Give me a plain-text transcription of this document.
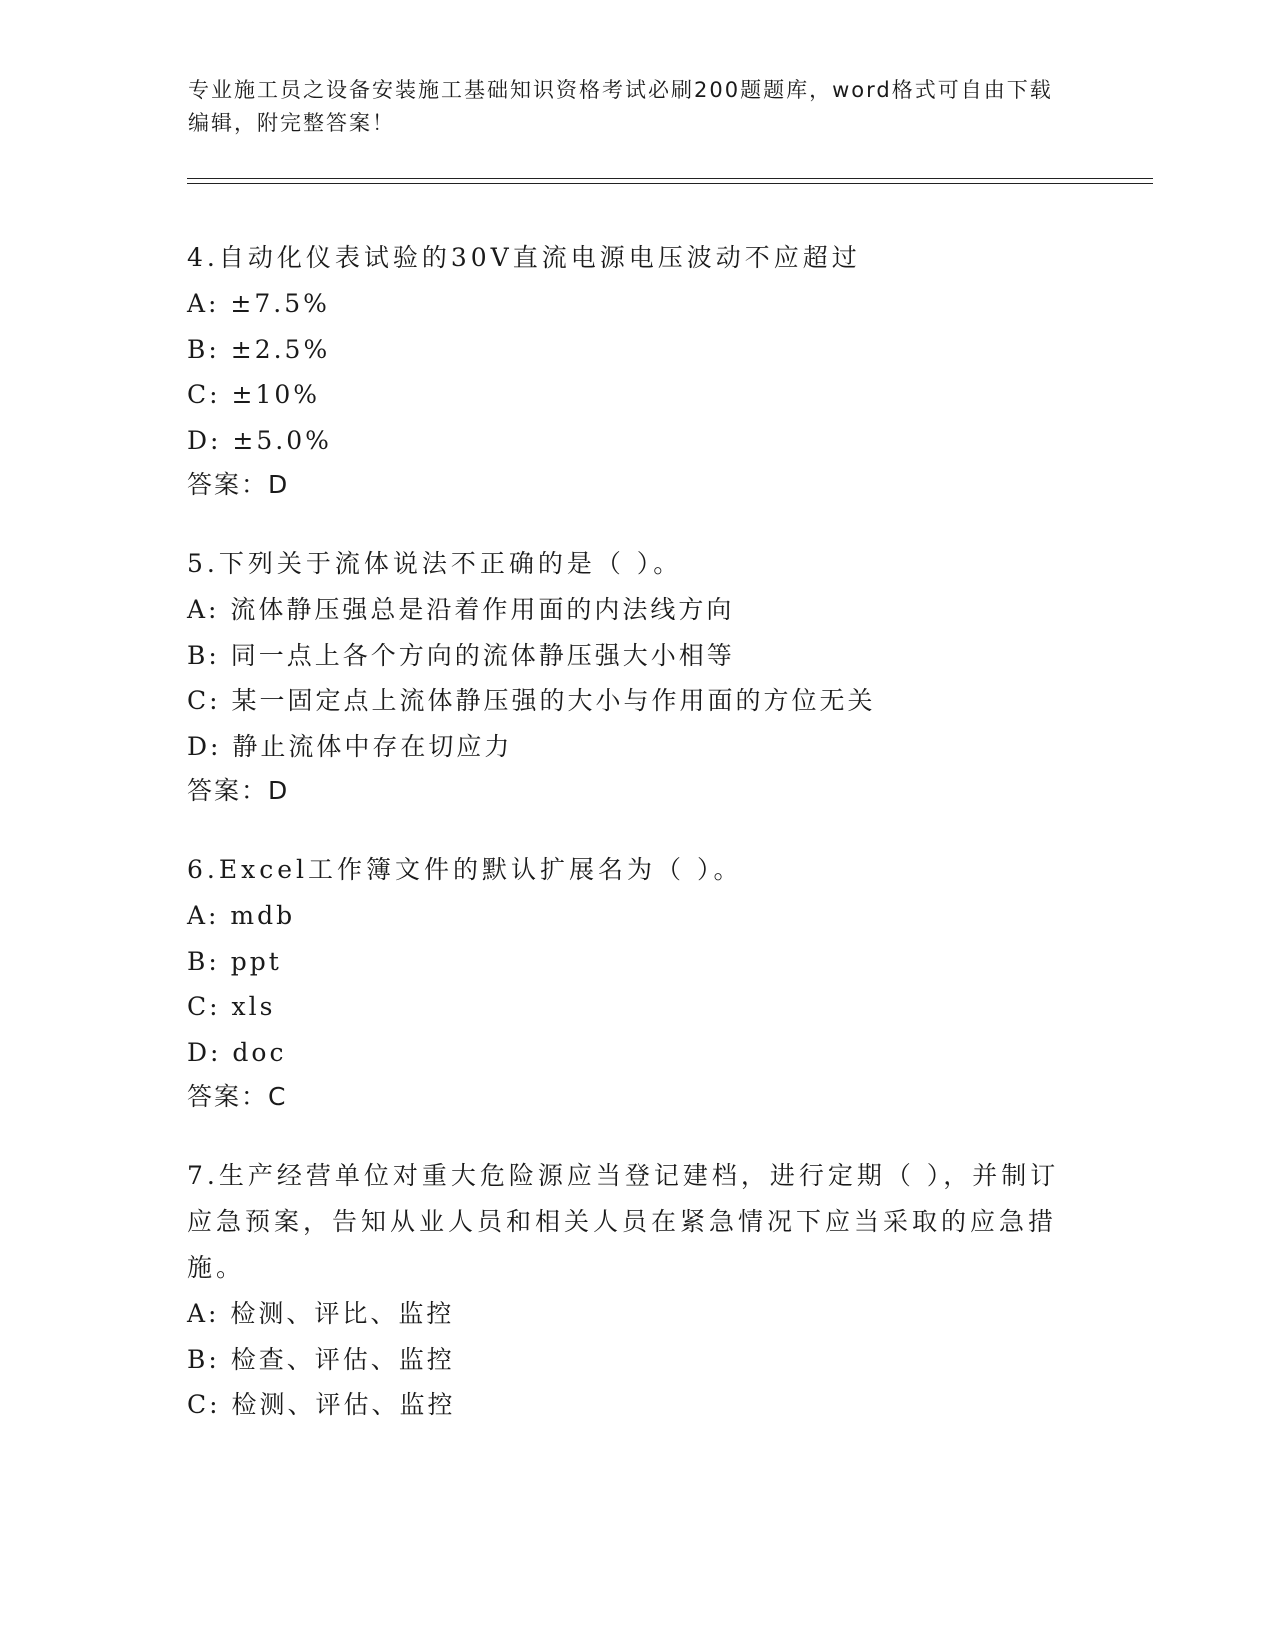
专业施工员之设备安装施工基础知识资格考试必刷200题题库，word格式可自由下载编辑，附完整答案！

4.自动化仪表试验的30V直流电源电压波动不应超过

A: ±7.5%

B: ±2.5%

C: ±10%

D: ±5.0%

答案：D

5.下列关于流体说法不正确的是（ ）。

A: 流体静压强总是沿着作用面的内法线方向

B: 同一点上各个方向的流体静压强大小相等

C: 某一固定点上流体静压强的大小与作用面的方位无关

D: 静止流体中存在切应力

答案：D

6.Excel工作簿文件的默认扩展名为（ ）。

A: mdb

B: ppt

C: xls

D: doc

答案：C

7.生产经营单位对重大危险源应当登记建档，进行定期（ ），并制订应急预案，告知从业人员和相关人员在紧急情况下应当采取的应急措施。

A: 检测、评比、监控

B: 检查、评估、监控

C: 检测、评估、监控
